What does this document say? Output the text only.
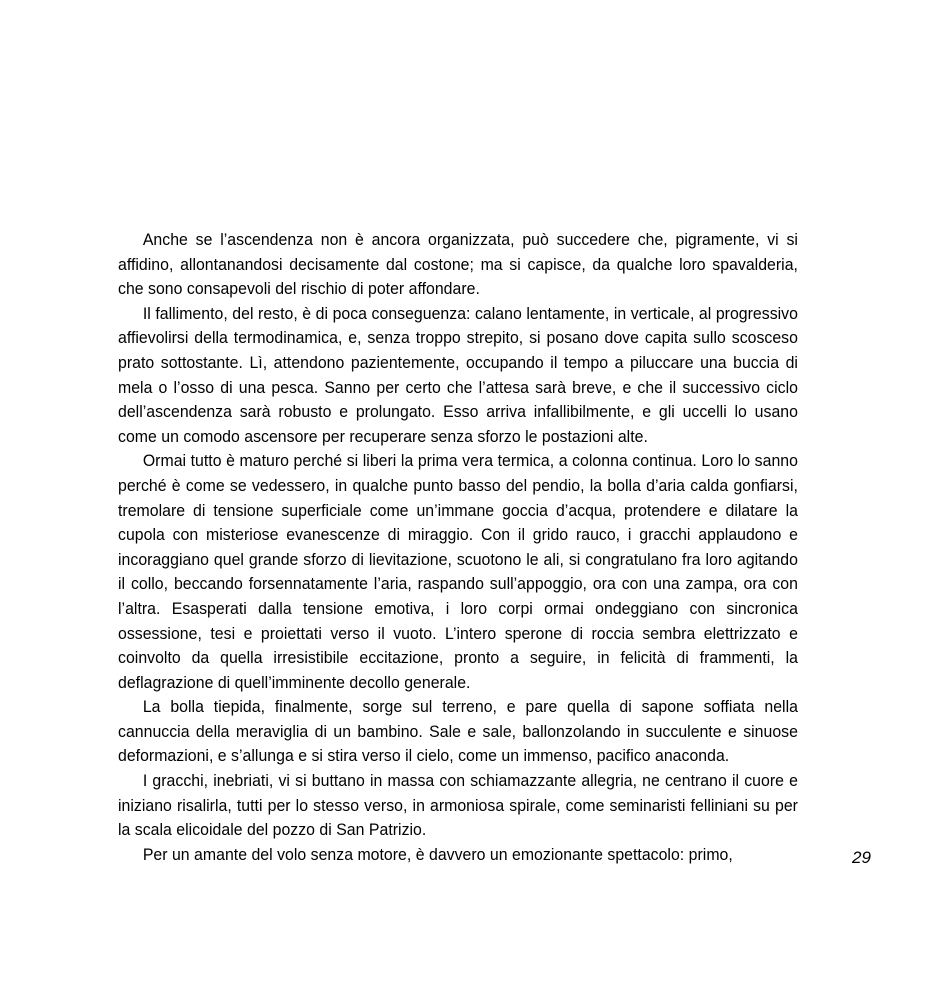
Anche se l’ascendenza non è ancora organizzata, può succedere che, pigramente, vi si affidino, allontanandosi decisamente dal costone; ma si capisce, da qualche loro spavalderia, che sono consapevoli del rischio di poter affondare.

Il fallimento, del resto, è di poca conseguenza: calano lentamente, in verticale, al progressivo affievolirsi della termodinamica, e, senza troppo strepito, si posano dove capita sullo scosceso prato sottostante. Lì, attendono pazientemente, occupando il tempo a piluccare una buccia di mela o l’osso di una pesca. Sanno per certo che l’attesa sarà breve, e che il successivo ciclo dell’ascendenza sarà robusto e prolungato. Esso arriva infallibilmente, e gli uccelli lo usano come un comodo ascensore per recuperare senza sforzo le postazioni alte.

Ormai tutto è maturo perché si liberi la prima vera termica, a colonna continua. Loro lo sanno perché è come se vedessero, in qualche punto basso del pendio, la bolla d’aria calda gonfiarsi, tremolare di tensione superficiale come un’immane goccia d’acqua, protendere e dilatare la cupola con misteriose evanescenze di miraggio. Con il grido rauco, i gracchi applaudono e incoraggiano quel grande sforzo di lievitazione, scuotono le ali, si congratulano fra loro agitando il collo, beccando forsennatamente l’aria, raspando sull’appoggio, ora con una zampa, ora con l’altra. Esasperati dalla tensione emotiva, i loro corpi ormai ondeggiano con sincronica ossessione, tesi e proiettati verso il vuoto. L’intero sperone di roccia sembra elettrizzato e coinvolto da quella irresistibile eccitazione, pronto a seguire, in felicità di frammenti, la deflagrazione di quell’imminente decollo generale.

La bolla tiepida, finalmente, sorge sul terreno, e pare quella di sapone soffiata nella cannuccia della meraviglia di un bambino. Sale e sale, ballonzolando in succulente e sinuose deformazioni, e s’allunga e si stira verso il cielo, come un immenso, pacifico anaconda.

I gracchi, inebriati, vi si buttano in massa con schiamazzante allegria, ne centrano il cuore e iniziano risalirla, tutti per lo stesso verso, in armoniosa spirale, come seminaristi felliniani su per la scala elicoidale del pozzo di San Patrizio.

Per un amante del volo senza motore, è davvero un emozionante spettacolo: primo,	29
